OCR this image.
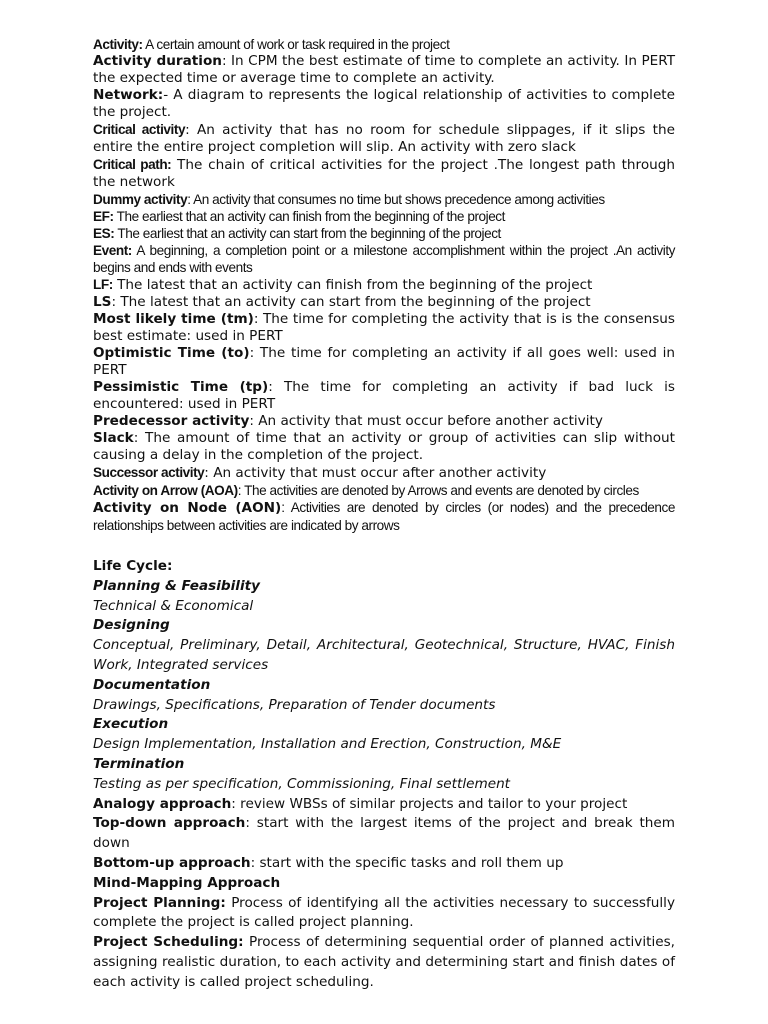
Activity: A certain amount of work or task required in the project

Activity duration: In CPM the best estimate of time to complete an activity. In PERT the expected time or average time to complete an activity.

Network:- A diagram to represents the logical relationship of activities to complete the project.

Critical activity: An activity that has no room for schedule slippages, if it slips the entire the entire project completion will slip. An activity with zero slack

Critical path: The chain of critical activities for the project .The longest path through the network

Dummy activity: An activity that consumes no time but shows precedence among activities

EF: The earliest that an activity can finish from the beginning of the project

ES: The earliest that an activity can start from the beginning of the project

Event: A beginning, a completion point or a milestone accomplishment within the project .An activity begins and ends with events

LF: The latest that an activity can finish from the beginning of the project

LS: The latest that an activity can start from the beginning of the project

Most likely time (tm): The time for completing the activity that is is the consensus best estimate: used in PERT

Optimistic Time (to): The time for completing an activity if all goes well: used in PERT

Pessimistic Time (tp): The time for completing an activity if bad luck is encountered: used in PERT

Predecessor activity: An activity that must occur before another activity

Slack: The amount of time that an activity or group of activities can slip without causing a delay in the completion of the project.

Successor activity: An activity that must occur after another activity

Activity on Arrow (AOA): The activities are denoted by Arrows and events are denoted by circles

Activity on Node (AON): Activities are denoted by circles (or nodes) and the precedence relationships between activities are indicated by arrows

Life Cycle:

Planning & Feasibility

Technical & Economical

Designing

Conceptual, Preliminary, Detail, Architectural, Geotechnical, Structure, HVAC, Finish Work, Integrated services

Documentation

Drawings, Specifications, Preparation of Tender documents

Execution

Design Implementation, Installation and Erection, Construction, M&E

Termination

Testing as per specification, Commissioning, Final settlement

Analogy approach: review WBSs of similar projects and tailor to your project

Top-down approach: start with the largest items of the project and break them down

Bottom-up approach: start with the specific tasks and roll them up

Mind-Mapping Approach

Project Planning: Process of identifying all the activities necessary to successfully complete the project is called project planning.

Project Scheduling: Process of determining sequential order of planned activities, assigning realistic duration, to each activity and determining start and finish dates of each activity is called project scheduling.
